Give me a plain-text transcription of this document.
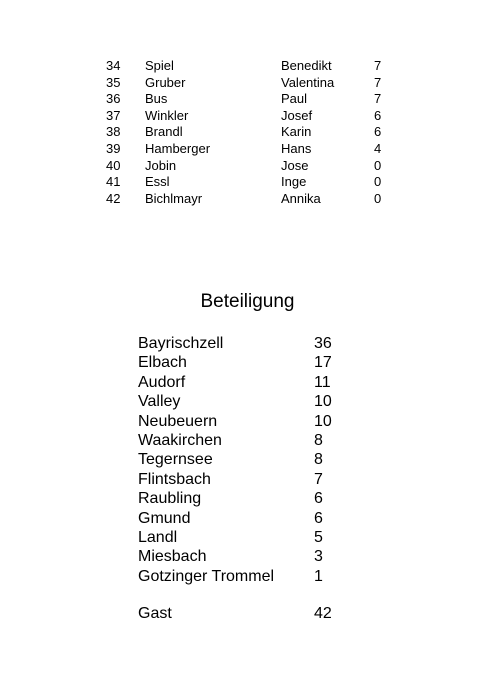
34 Spiel	Benedikt	7
35 Gruber	Valentina	7
36 Bus	Paul	7
37 Winkler	Josef	6
38 Brandl	Karin	6
39 Hamberger	Hans	4
40 Jobin	Jose	0
41 Essl	Inge	0
42 Bichlmayr	Annika	0
Beteiligung
Bayrischzell	36
Elbach	17
Audorf	11
Valley	10
Neubeuern	10
Waakirchen	8
Tegernsee	8
Flintsbach	7
Raubling	6
Gmund	6
Landl	5
Miesbach	3
Gotzinger Trommel 1
Gast	42
